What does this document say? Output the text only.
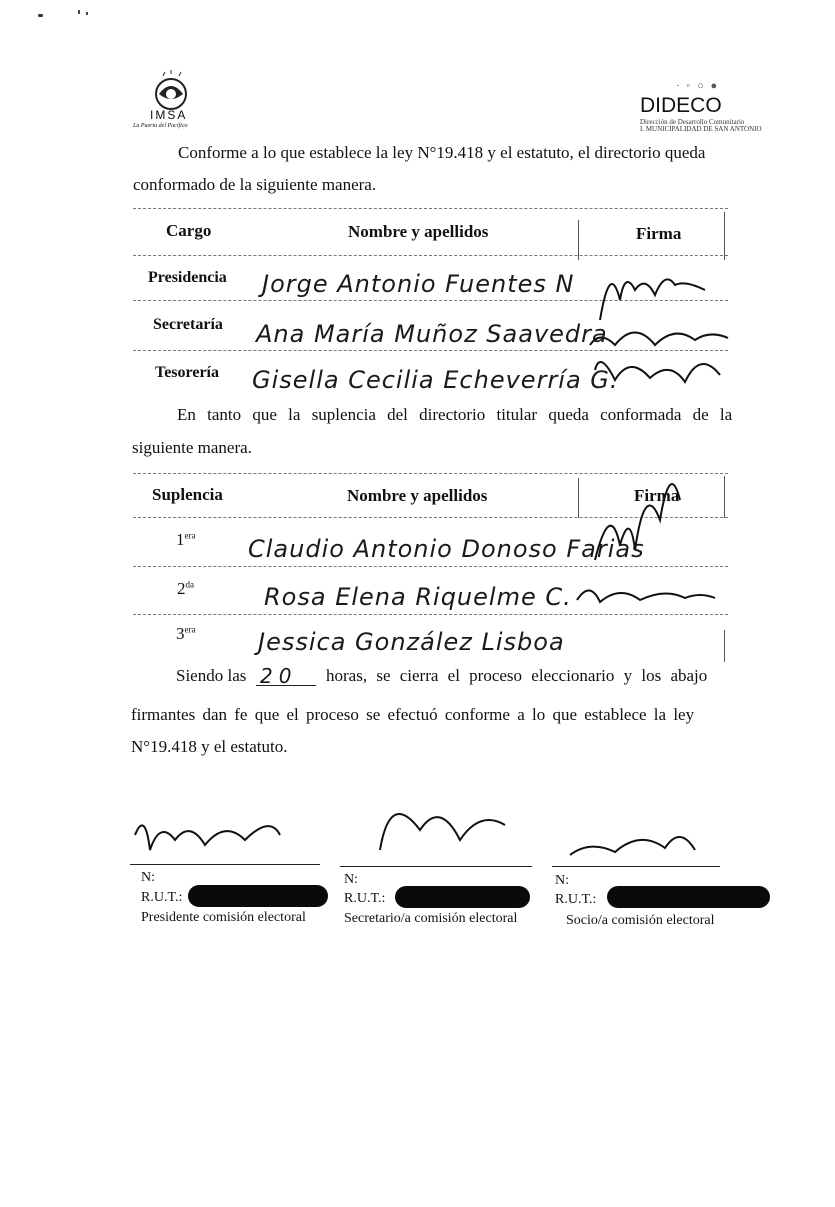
IMSA
La Puerta del Pacífico
· ◦ ○ ●
DIDECO
Dirección de Desarrollo Comunitario
I. MUNICIPALIDAD DE SAN ANTONIO
Conforme a lo que establece la ley N°19.418 y el estatuto, el directorio queda
conformado de la siguiente manera.
Cargo	Nombre y apellidos	Firma
Presidencia Jorge Antonio Fuentes N
Secretaría Ana María Muñoz Saavedra
Tesorería Gisella Cecilia Echeverría G.
En tanto que la suplencia del directorio titular queda conformada de la
siguiente manera.
Suplencia	Nombre y apellidos	Firma
$1^{era}$ Claudio Antonio Donoso Farias
$2^{da}$	Rosa Elena Riquelme C.
$3^{era}$	Jessica González Lisboa
Siendo las 20 horas, se cierra el proceso eleccionario y los abajo
firmantes dan fe que el proceso se efectuó conforme a lo que establece la ley
N°19.418 y el estatuto.
N:
R.U.T.:
Presidente comisión electoral
N:
R.U.T.:
Secretario/a comisión electoral
N:
R.U.T.:
Socio/a comisión electoral
